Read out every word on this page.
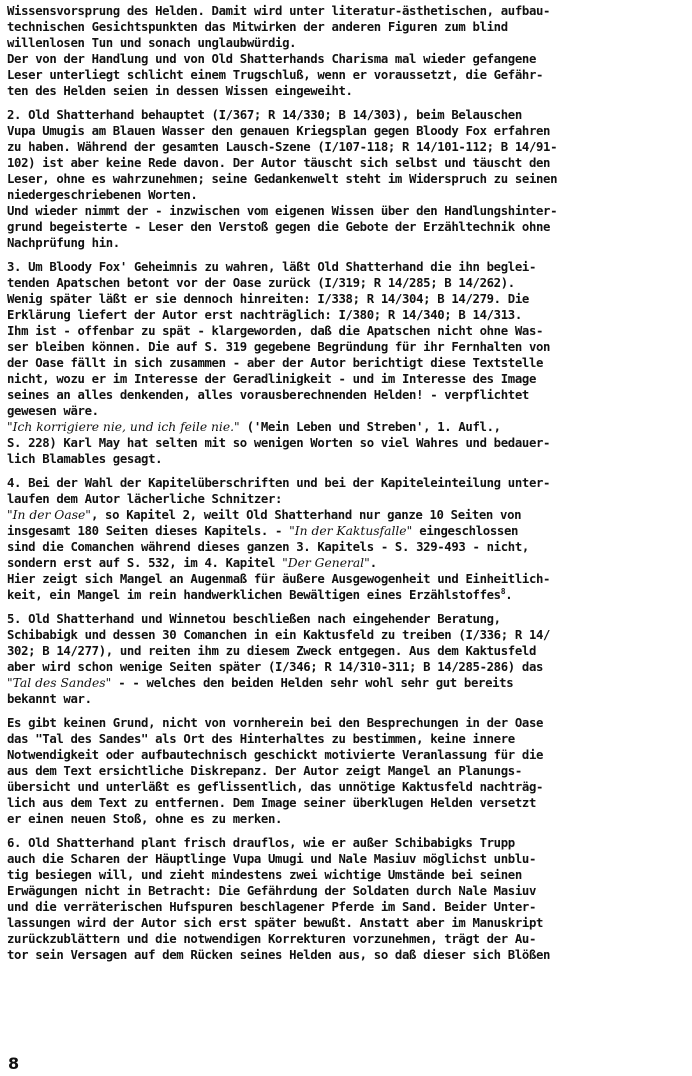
Wissensvorsprung des Helden. Damit wird unter literatur-ästhetischen, aufbau-
technischen Gesichtspunkten das Mitwirken der anderen Figuren zum blind
willenlosen Tun und sonach unglaubwürdig.
Der von der Handlung und von Old Shatterhands Charisma mal wieder gefangene
Leser unterliegt schlicht einem Trugschluß, wenn er voraussetzt, die Gefähr-
ten des Helden seien in dessen Wissen eingeweiht.
2. Old Shatterhand behauptet (I/367; R 14/330; B 14/303), beim Belauschen
Vupa Umugis am Blauen Wasser den genauen Kriegsplan gegen Bloody Fox erfahren
zu haben. Während der gesamten Lausch-Szene (I/107-118; R 14/101-112; B 14/91-
102) ist aber keine Rede davon. Der Autor täuscht sich selbst und täuscht den
Leser, ohne es wahrzunehmen; seine Gedankenwelt steht im Widerspruch zu seinen
niedergeschriebenen Worten.
Und wieder nimmt der - inzwischen vom eigenen Wissen über den Handlungshinter-
grund begeisterte - Leser den Verstoß gegen die Gebote der Erzähltechnik ohne
Nachprüfung hin.
3. Um Bloody Fox' Geheimnis zu wahren, läßt Old Shatterhand die ihn beglei-
tenden Apatschen betont vor der Oase zurück (I/319; R 14/285; B 14/262).
Wenig später läßt er sie dennoch hinreiten: I/338; R 14/304; B 14/279. Die
Erklärung liefert der Autor erst nachträglich: I/380; R 14/340; B 14/313.
Ihm ist - offenbar zu spät - klargeworden, daß die Apatschen nicht ohne Was-
ser bleiben können. Die auf S. 319 gegebene Begründung für ihr Fernhalten von
der Oase fällt in sich zusammen - aber der Autor berichtigt diese Textstelle
nicht, wozu er im Interesse der Geradlinigkeit - und im Interesse des Image
seines an alles denkenden, alles vorausberechnenden Helden! - verpflichtet
gewesen wäre.
"Ich korrigiere nie, und ich feile nie." ('Mein Leben und Streben', 1. Aufl.,
S. 228) Karl May hat selten mit so wenigen Worten so viel Wahres und bedauer-
lich Blamables gesagt.
4. Bei der Wahl der Kapitelüberschriften und bei der Kapiteleinteilung unter-
laufen dem Autor lächerliche Schnitzer:
"In der Oase", so Kapitel 2, weilt Old Shatterhand nur ganze 10 Seiten von
insgesamt 180 Seiten dieses Kapitels. - "In der Kaktusfalle" eingeschlossen
sind die Comanchen während dieses ganzen 3. Kapitels - S. 329-493 - nicht,
sondern erst auf S. 532, im 4. Kapitel "Der General".
Hier zeigt sich Mangel an Augenmaß für äußere Ausgewogenheit und Einheitlich-
keit, ein Mangel im rein handwerklichen Bewältigen eines Erzählstoffes$^8$.
5. Old Shatterhand und Winnetou beschließen nach eingehender Beratung,
Schibabigk und dessen 30 Comanchen in ein Kaktusfeld zu treiben (I/336; R 14/
302; B 14/277), und reiten ihm zu diesem Zweck entgegen. Aus dem Kaktusfeld
aber wird schon wenige Seiten später (I/346; R 14/310-311; B 14/285-286) das
"Tal des Sandes" - - welches den beiden Helden sehr wohl sehr gut bereits
bekannt war.
Es gibt keinen Grund, nicht von vornherein bei den Besprechungen in der Oase
das "Tal des Sandes" als Ort des Hinterhaltes zu bestimmen, keine innere
Notwendigkeit oder aufbautechnisch geschickt motivierte Veranlassung für die
aus dem Text ersichtliche Diskrepanz. Der Autor zeigt Mangel an Planungs-
übersicht und unterläßt es geflissentlich, das unnötige Kaktusfeld nachträg-
lich aus dem Text zu entfernen. Dem Image seiner überklugen Helden versetzt
er einen neuen Stoß, ohne es zu merken.
6. Old Shatterhand plant frisch drauflos, wie er außer Schibabigks Trupp
auch die Scharen der Häuptlinge Vupa Umugi und Nale Masiuv möglichst unblu-
tig besiegen will, und zieht mindestens zwei wichtige Umstände bei seinen
Erwägungen nicht in Betracht: Die Gefährdung der Soldaten durch Nale Masiuv
und die verräterischen Hufspuren beschlagener Pferde im Sand. Beider Unter-
lassungen wird der Autor sich erst später bewußt. Anstatt aber im Manuskript
zurückzublättern und die notwendigen Korrekturen vorzunehmen, trägt der Au-
tor sein Versagen auf dem Rücken seines Helden aus, so daß dieser sich Blößen
8
